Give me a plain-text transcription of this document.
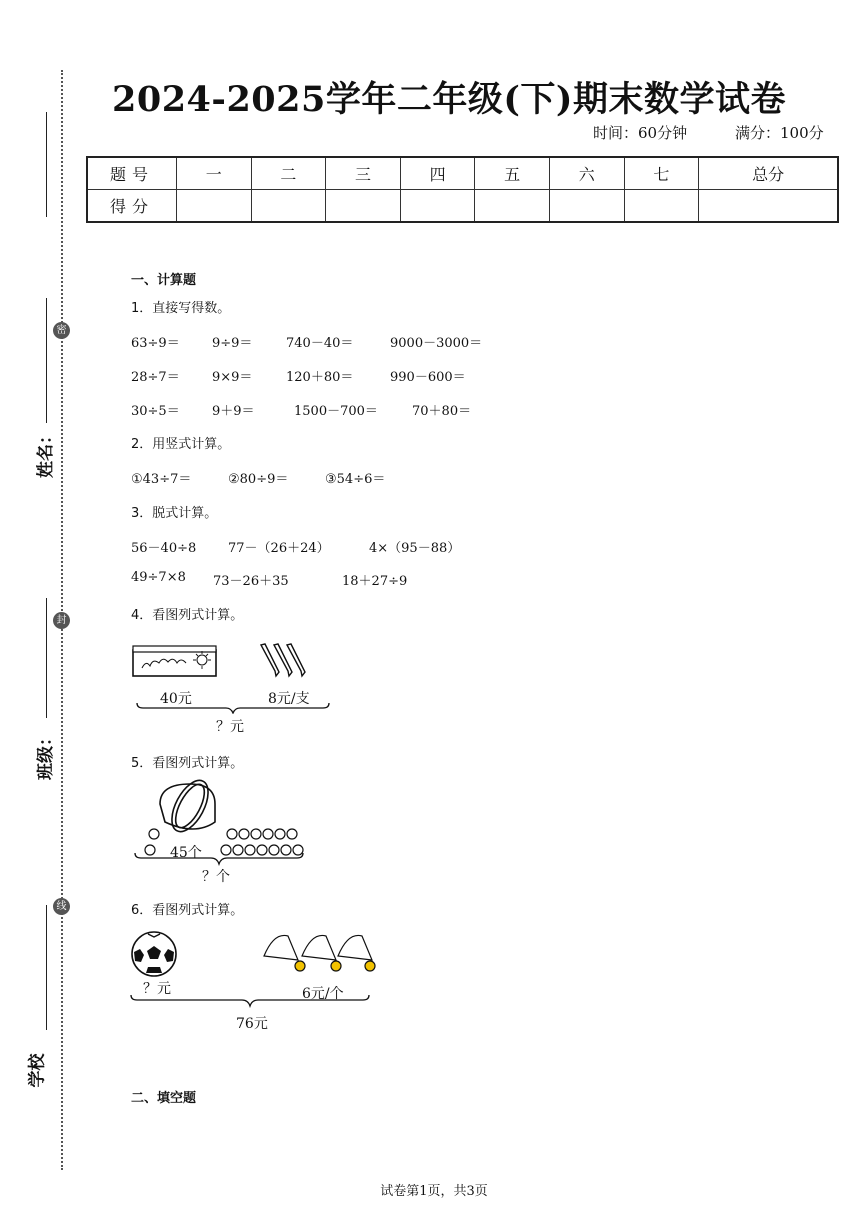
姓名：
班级：
学校
密
封
线
2024-2025学年二年级(下)期末数学试卷
时间：60分钟	满分：100分
题号	一	二	三	四	五	六	七	总分
得分								
一、计算题
1．直接写得数。
63÷9＝ 9÷9＝	740－40＝	9000－3000＝
28÷7＝ 9×9＝	120＋80＝	990－600＝
30÷5＝ 9＋9＝	1500－700＝	70＋80＝
2．用竖式计算。
①43÷7＝	②80÷9＝	③54÷6＝
3．脱式计算。
56－40÷8 77－（26＋24）	4×（95－88）
49÷7×8 73－26＋35	18＋27÷9
4．看图列式计算。
40元	8元/支
？元
5．看图列式计算。
45个
？个
6．看图列式计算。
？元	6元/个
76元
二、填空题
试卷第1页，共3页
